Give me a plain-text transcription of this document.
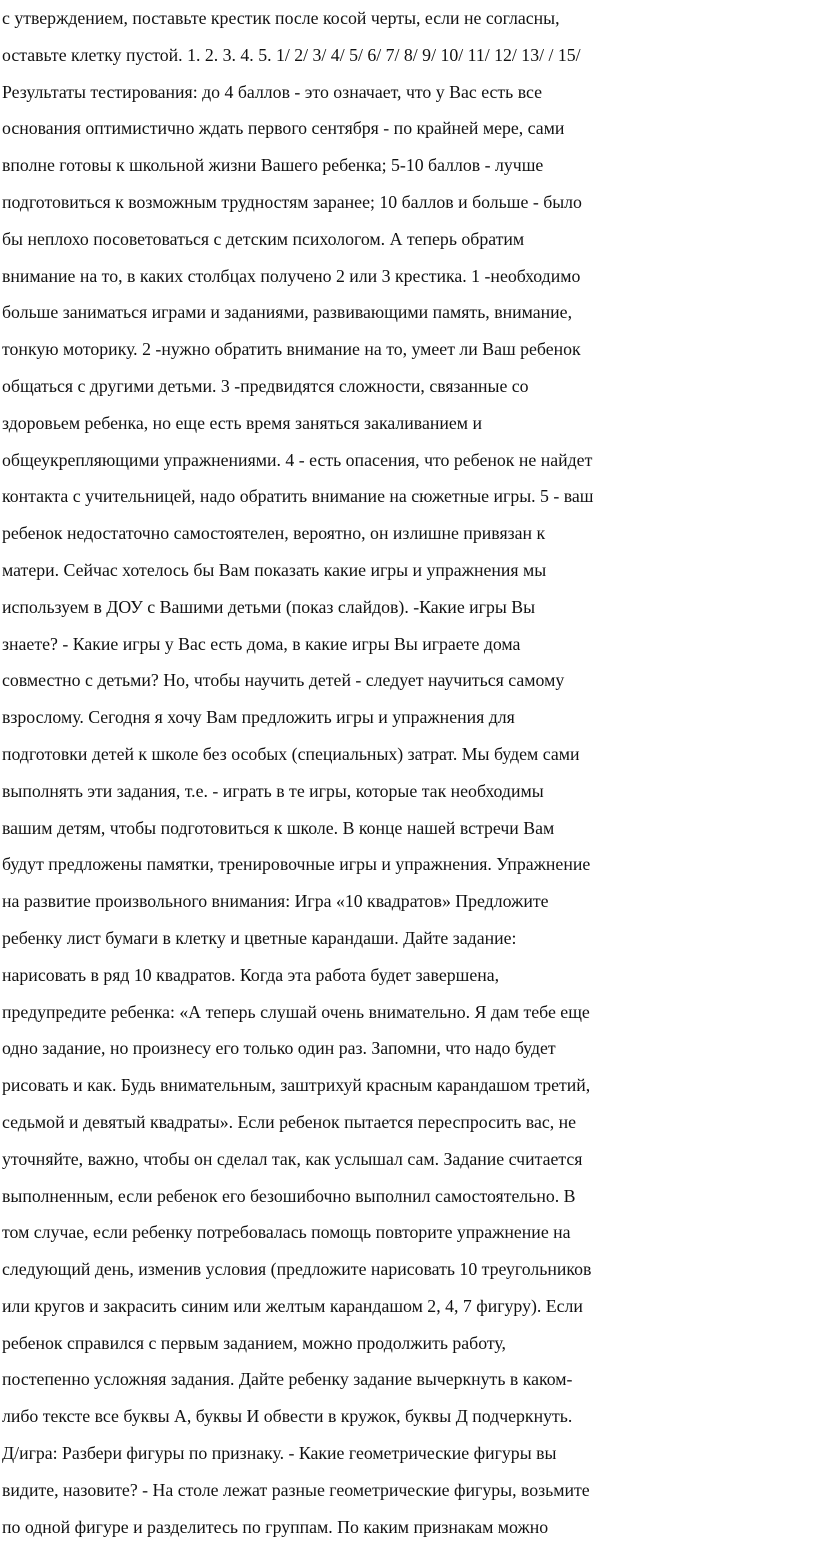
с утверждением, поставьте крестик после косой черты, если не согласны,
оставьте клетку пустой. 1. 2. 3. 4. 5. 1/ 2/ 3/ 4/ 5/ 6/ 7/ 8/ 9/ 10/ 11/ 12/ 13/ / 15/
Результаты тестирования: до 4 баллов - это означает, что у Вас есть все
основания оптимистично ждать первого сентября - по крайней мере, сами
вполне готовы к школьной жизни Вашего ребенка; 5-10 баллов - лучше
подготовиться к возможным трудностям заранее; 10 баллов и больше - было
бы неплохо посоветоваться с детским психологом. А теперь обратим
внимание на то, в каких столбцах получено 2 или 3 крестика. 1 -необходимо
больше заниматься играми и заданиями, развивающими память, внимание,
тонкую моторику. 2 -нужно обратить внимание на то, умеет ли Ваш ребенок
общаться с другими детьми. 3 -предвидятся сложности, связанные со
здоровьем ребенка, но еще есть время заняться закаливанием и
общеукрепляющими упражнениями. 4 - есть опасения, что ребенок не найдет
контакта с учительницей, надо обратить внимание на сюжетные игры. 5 - ваш
ребенок недостаточно самостоятелен, вероятно, он излишне привязан к
матери. Сейчас хотелось бы Вам показать какие игры и упражнения мы
используем в ДОУ с Вашими детьми (показ слайдов). -Какие игры Вы
знаете? - Какие игры у Вас есть дома, в какие игры Вы играете дома
совместно с детьми? Но, чтобы научить детей - следует научиться самому
взрослому. Сегодня я хочу Вам предложить игры и упражнения для
подготовки детей к школе без особых (специальных) затрат. Мы будем сами
выполнять эти задания, т.е. - играть в те игры, которые так необходимы
вашим детям, чтобы подготовиться к школе. В конце нашей встречи Вам
будут предложены памятки, тренировочные игры и упражнения. Упражнение
на развитие произвольного внимания: Игра «10 квадратов» Предложите
ребенку лист бумаги в клетку и цветные карандаши. Дайте задание:
нарисовать в ряд 10 квадратов. Когда эта работа будет завершена,
предупредите ребенка: «А теперь слушай очень внимательно. Я дам тебе еще
одно задание, но произнесу его только один раз. Запомни, что надо будет
рисовать и как. Будь внимательным, заштрихуй красным карандашом третий,
седьмой и девятый квадраты». Если ребенок пытается переспросить вас, не
уточняйте, важно, чтобы он сделал так, как услышал сам. Задание считается
выполненным, если ребенок его безошибочно выполнил самостоятельно. В
том случае, если ребенку потребовалась помощь повторите упражнение на
следующий день, изменив условия (предложите нарисовать 10 треугольников
или кругов и закрасить синим или желтым карандашом 2, 4, 7 фигуру). Если
ребенок справился с первым заданием, можно продолжить работу,
постепенно усложняя задания. Дайте ребенку задание вычеркнуть в каком-
либо тексте все буквы А, буквы И обвести в кружок, буквы Д подчеркнуть.
Д/игра: Разбери фигуры по признаку. - Какие геометрические фигуры вы
видите, назовите? - На столе лежат разные геометрические фигуры, возьмите
по одной фигуре и разделитесь по группам. По каким признакам можно
